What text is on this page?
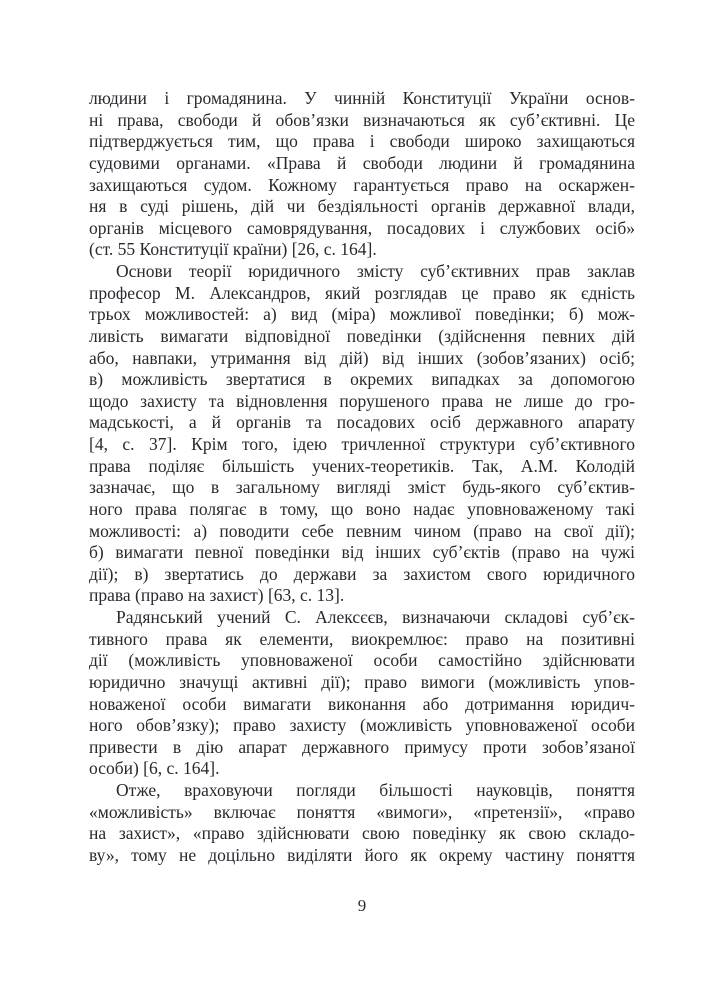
людини і громадянина. У чинній Конституції України основ-
ні права, свободи й обов’язки визначаються як суб’єктивні. Це
підтверджується тим, що права і свободи широко захищаються
судовими органами. «Права й свободи людини й громадянина
захищаються судом. Кожному гарантується право на оскаржен-
ня в суді рішень, дій чи бездіяльності органів державної влади,
органів місцевого самоврядування, посадових і службових осіб»
(ст. 55 Конституції країни) [26, с. 164].
Основи теорії юридичного змісту суб’єктивних прав заклав
професор М. Александров, який розглядав це право як єдність
трьох можливостей: а) вид (міра) можливої поведінки; б) мож-
ливість вимагати відповідної поведінки (здійснення певних дій
або, навпаки, утримання від дій) від інших (зобов’язаних) осіб;
в) можливість звертатися в окремих випадках за допомогою
щодо захисту та відновлення порушеного права не лише до гро-
мадськості, а й органів та посадових осіб державного апарату
[4, с. 37]. Крім того, ідею тричленної структури суб’єктивного
права поділяє більшість учених-теоретиків. Так, А.М. Колодій
зазначає, що в загальному вигляді зміст будь-якого суб’єктив-
ного права полягає в тому, що воно надає уповноваженому такі
можливості: а) поводити себе певним чином (право на свої дії);
б) вимагати певної поведінки від інших суб’єктів (право на чужі
дії); в) звертатись до держави за захистом свого юридичного
права (право на захист) [63, с. 13].
Радянський учений С. Алексєєв, визначаючи складові суб’єк-
тивного права як елементи, виокремлює: право на позитивні
дії (можливість уповноваженої особи самостійно здійснювати
юридично значущі активні дії); право вимоги (можливість упов-
новаженої особи вимагати виконання або дотримання юридич-
ного обов’язку); право захисту (можливість уповноваженої особи
привести в дію апарат державного примусу проти зобов’язаної
особи) [6, с. 164].
Отже, враховуючи погляди більшості науковців, поняття
«можливість» включає поняття «вимоги», «претензії», «право
на захист», «право здійснювати свою поведінку як свою складо-
ву», тому не доцільно виділяти його як окрему частину поняття
9
